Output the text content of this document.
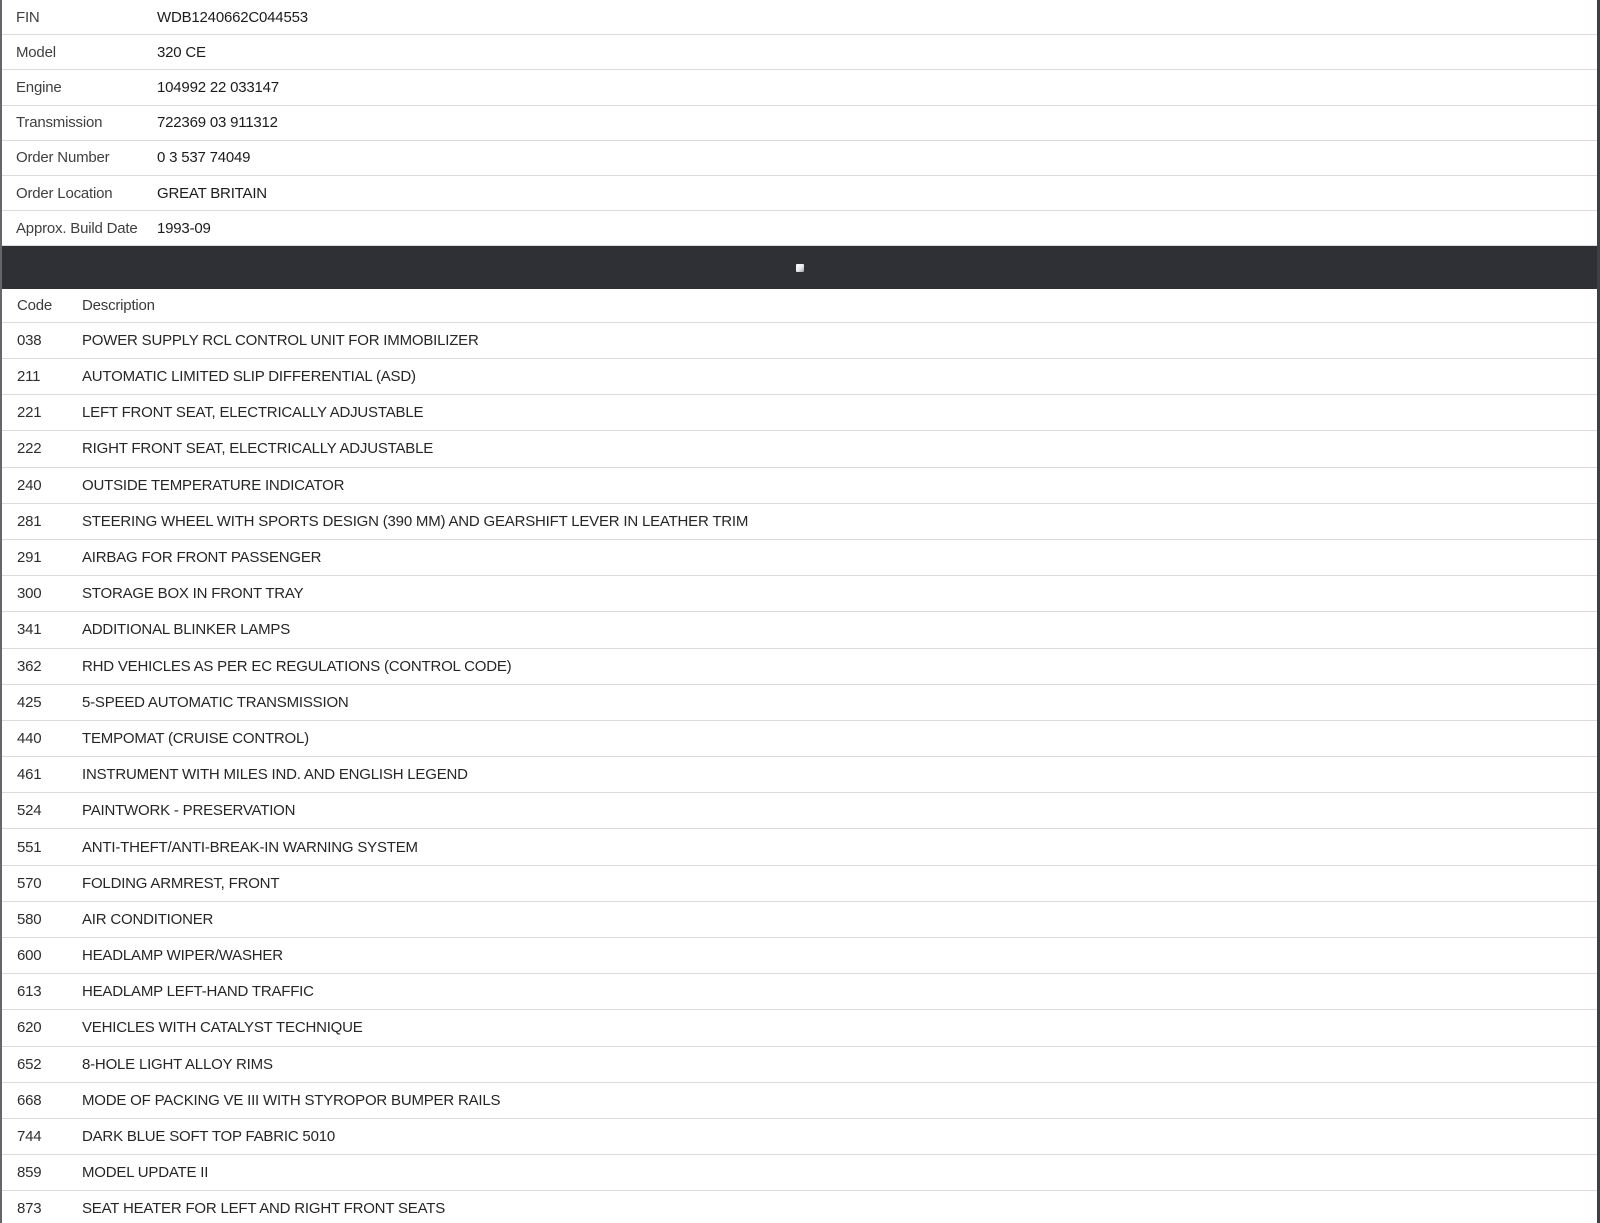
FIN	WDB1240662C044553
Model	320 CE
Engine	104992 22 033147
Transmission	722369 03 911312
Order Number	0 3 537 74049
Order Location	GREAT BRITAIN
Approx. Build Date	1993-09
Code	Description
038	POWER SUPPLY RCL CONTROL UNIT FOR IMMOBILIZER
211	AUTOMATIC LIMITED SLIP DIFFERENTIAL (ASD)
221	LEFT FRONT SEAT, ELECTRICALLY ADJUSTABLE
222	RIGHT FRONT SEAT, ELECTRICALLY ADJUSTABLE
240	OUTSIDE TEMPERATURE INDICATOR
281	STEERING WHEEL WITH SPORTS DESIGN (390 MM) AND GEARSHIFT LEVER IN LEATHER TRIM
291	AIRBAG FOR FRONT PASSENGER
300	STORAGE BOX IN FRONT TRAY
341	ADDITIONAL BLINKER LAMPS
362	RHD VEHICLES AS PER EC REGULATIONS (CONTROL CODE)
425	5-SPEED AUTOMATIC TRANSMISSION
440	TEMPOMAT (CRUISE CONTROL)
461	INSTRUMENT WITH MILES IND. AND ENGLISH LEGEND
524	PAINTWORK - PRESERVATION
551	ANTI-THEFT/ANTI-BREAK-IN WARNING SYSTEM
570	FOLDING ARMREST, FRONT
580	AIR CONDITIONER
600	HEADLAMP WIPER/WASHER
613	HEADLAMP LEFT-HAND TRAFFIC
620	VEHICLES WITH CATALYST TECHNIQUE
652	8-HOLE LIGHT ALLOY RIMS
668	MODE OF PACKING VE III WITH STYROPOR BUMPER RAILS
744	DARK BLUE SOFT TOP FABRIC 5010
859	MODEL UPDATE II
873	SEAT HEATER FOR LEFT AND RIGHT FRONT SEATS
